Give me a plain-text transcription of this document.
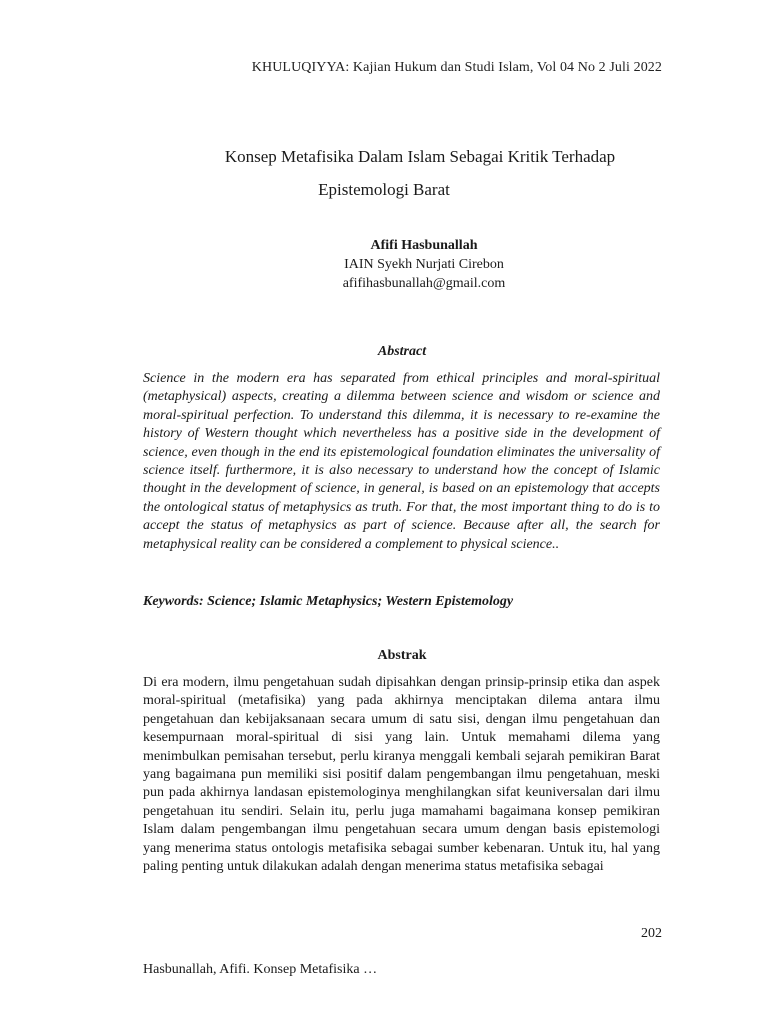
KHULUQIYYA: Kajian Hukum dan Studi Islam, Vol 04 No 2 Juli 2022
Konsep Metafisika Dalam Islam Sebagai Kritik Terhadap
Epistemologi Barat
Afifi Hasbunallah
IAIN Syekh Nurjati Cirebon
afifihasbunallah@gmail.com
Abstract
Science in the modern era has separated from ethical principles and moral-spiritual (metaphysical) aspects, creating a dilemma between science and wisdom or science and moral-spiritual perfection. To understand this dilemma, it is necessary to re-examine the history of Western thought which nevertheless has a positive side in the development of science, even though in the end its epistemological foundation eliminates the universality of science itself. furthermore, it is also necessary to understand how the concept of Islamic thought in the development of science, in general, is based on an epistemology that accepts the ontological status of metaphysics as truth. For that, the most important thing to do is to accept the status of metaphysics as part of science. Because after all, the search for metaphysical reality can be considered a complement to physical science..
Keywords: Science; Islamic Metaphysics; Western Epistemology
Abstrak
Di era modern, ilmu pengetahuan sudah dipisahkan dengan prinsip-prinsip etika dan aspek moral-spiritual (metafisika) yang pada akhirnya menciptakan dilema antara ilmu pengetahuan dan kebijaksanaan secara umum di satu sisi, dengan ilmu pengetahuan dan kesempurnaan moral-spiritual di sisi yang lain. Untuk memahami dilema yang menimbulkan pemisahan tersebut, perlu kiranya menggali kembali sejarah pemikiran Barat yang bagaimana pun memiliki sisi positif dalam pengembangan ilmu pengetahuan, meski pun pada akhirnya landasan epistemologinya menghilangkan sifat keuniversalan dari ilmu pengetahuan itu sendiri. Selain itu, perlu juga mamahami bagaimana konsep pemikiran Islam dalam pengembangan ilmu pengetahuan secara umum dengan basis epistemologi yang menerima status ontologis metafisika sebagai sumber kebenaran. Untuk itu, hal yang paling penting untuk dilakukan adalah dengan menerima status metafisika sebagai
202
Hasbunallah, Afifi. Konsep Metafisika …
